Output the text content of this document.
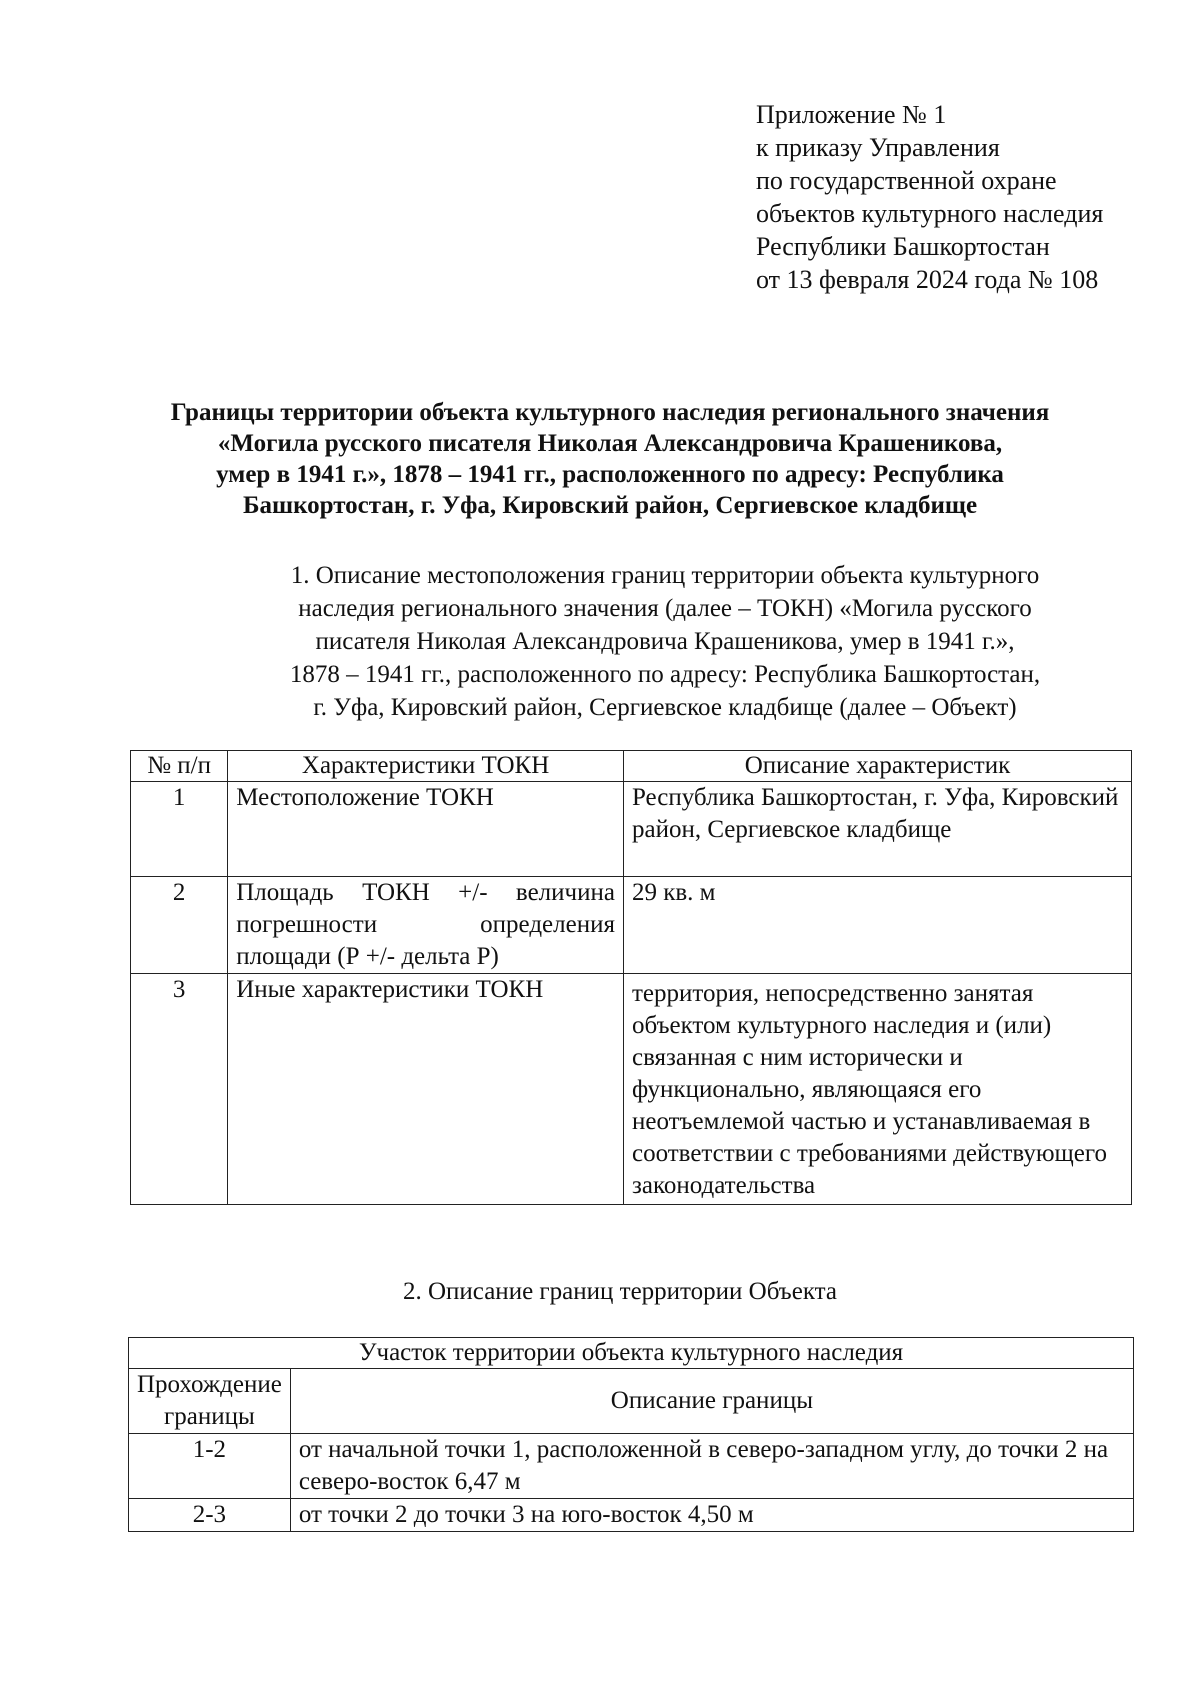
Приложение № 1
к приказу Управления
по государственной охране
объектов культурного наследия
Республики Башкортостан
от 13 февраля 2024 года № 108
Границы территории объекта культурного наследия регионального значения
«Могила русского писателя Николая Александровича Крашеникова,
умер в 1941 г.», 1878 – 1941 гг., расположенного по адресу: Республика
Башкортостан, г. Уфа, Кировский район, Сергиевское кладбище
1. Описание местоположения границ территории объекта культурного
наследия регионального значения (далее – ТОКН) «Могила русского
писателя Николая Александровича Крашеникова, умер в 1941 г.»,
1878 – 1941 гг., расположенного по адресу: Республика Башкортостан,
г. Уфа, Кировский район, Сергиевское кладбище (далее – Объект)
№ п/п	Характеристики ТОКН	Описание характеристик
1	Местоположение ТОКН	Республика Башкортостан, г. Уфа, Кировский район, Сергиевское кладбище
2	Площадь ТОКН +/- величина погрешности определения площади (Р +/- дельта Р)	29 кв. м
3	Иные характеристики ТОКН	территория, непосредственно занятая объектом культурного наследия и (или) связанная с ним исторически и функционально, являющаяся его неотъемлемой частью и устанавливаемая в соответствии с требованиями действующего законодательства
2. Описание границ территории Объекта
Участок территории объекта культурного наследия	
Прохождение границы	Описание границы
1-2	от начальной точки 1, расположенной в северо-западном углу, до точки 2 на северо-восток 6,47 м
2-3	от точки 2 до точки 3 на юго-восток 4,50 м
